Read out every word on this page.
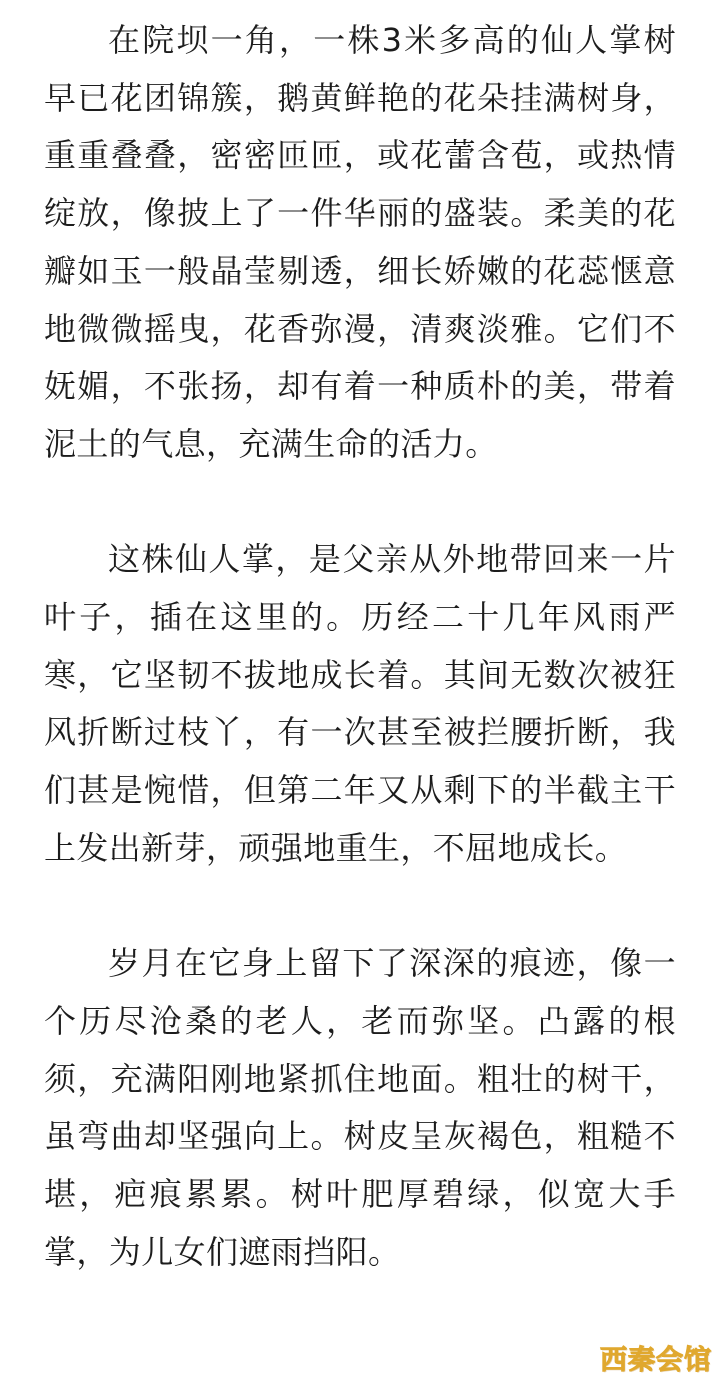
在院坝一角，一株3米多高的仙人掌树早已花团锦簇，鹅黄鲜艳的花朵挂满树身，重重叠叠，密密匝匝，或花蕾含苞，或热情绽放，像披上了一件华丽的盛装。柔美的花瓣如玉一般晶莹剔透，细长娇嫩的花蕊惬意地微微摇曳，花香弥漫，清爽淡雅。它们不妩媚，不张扬，却有着一种质朴的美，带着泥土的气息，充满生命的活力。

这株仙人掌，是父亲从外地带回来一片叶子，插在这里的。历经二十几年风雨严寒，它坚韧不拔地成长着。其间无数次被狂风折断过枝丫，有一次甚至被拦腰折断，我们甚是惋惜，但第二年又从剩下的半截主干上发出新芽，顽强地重生，不屈地成长。

岁月在它身上留下了深深的痕迹，像一个历尽沧桑的老人，老而弥坚。凸露的根须，充满阳刚地紧抓住地面。粗壮的树干，虽弯曲却坚强向上。树皮呈灰褐色，粗糙不堪，疤痕累累。树叶肥厚碧绿，似宽大手掌，为儿女们遮雨挡阳。

西秦会馆
